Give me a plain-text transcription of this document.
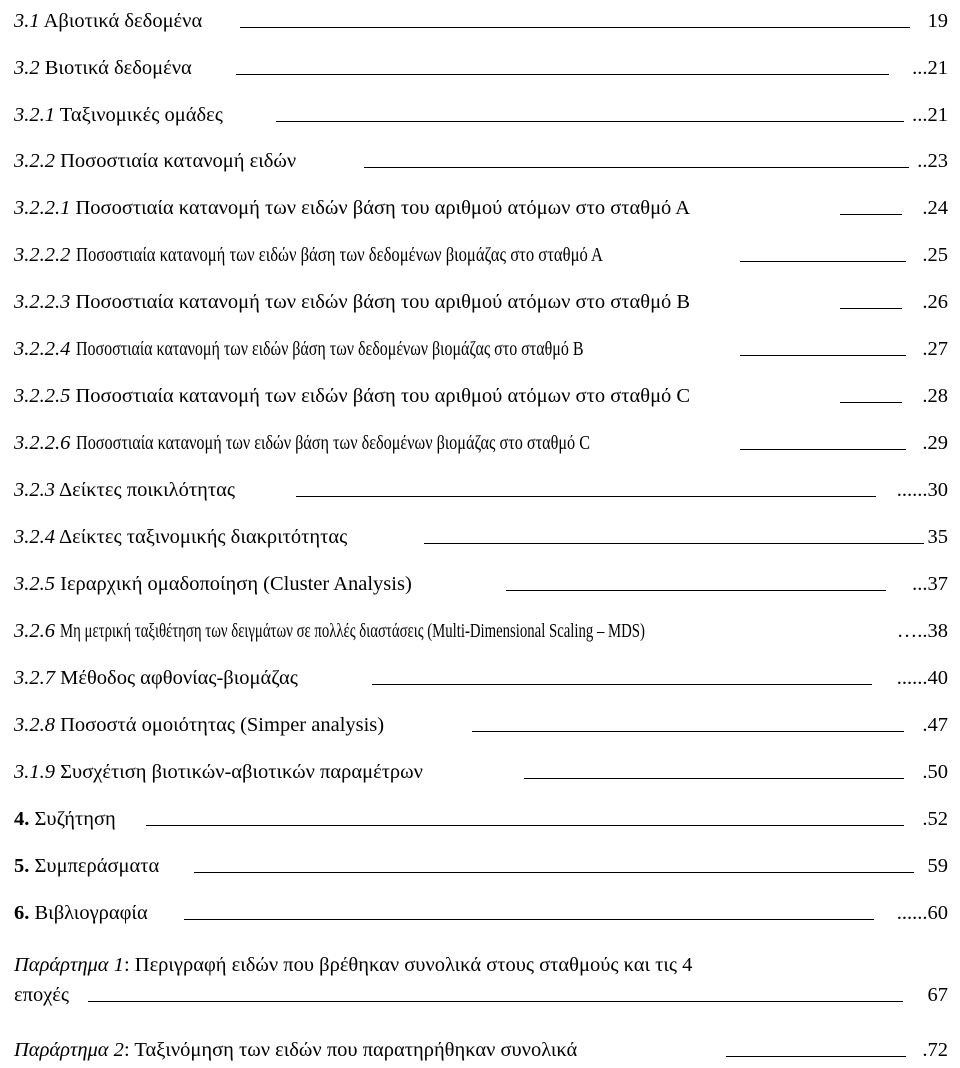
3.1 Αβιοτικά δεδομένα	19
3.2 Βιοτικά δεδομένα	...21
3.2.1 Ταξινομικές ομάδες	...21
3.2.2 Ποσοστιαία κατανομή ειδών	..23
3.2.2.1 Ποσοστιαία κατανομή των ειδών βάση του αριθμού ατόμων στο σταθμό Α	.24
3.2.2.2 Ποσοστιαία κατανομή των ειδών βάση των δεδομένων βιομάζας στο σταθμό Α	.25
3.2.2.3 Ποσοστιαία κατανομή των ειδών βάση του αριθμού ατόμων στο σταθμό Β	.26
3.2.2.4 Ποσοστιαία κατανομή των ειδών βάση των δεδομένων βιομάζας στο σταθμό Β	.27
3.2.2.5 Ποσοστιαία κατανομή των ειδών βάση του αριθμού ατόμων στο σταθμό C	.28
3.2.2.6 Ποσοστιαία κατανομή των ειδών βάση των δεδομένων βιομάζας στο σταθμό C	.29
3.2.3 Δείκτες ποικιλότητας	......30
3.2.4 Δείκτες ταξινομικής διακριτότητας	35
3.2.5 Ιεραρχική ομαδοποίηση (Cluster Analysis)	...37
3.2.6 Μη μετρική ταξιθέτηση των δειγμάτων σε πολλές διαστάσεις (Multi-Dimensional Scaling – MDS)	…..38
3.2.7 Μέθοδος αφθονίας-βιομάζας	......40
3.2.8 Ποσοστά ομοιότητας (Simper analysis)	.47
3.1.9 Συσχέτιση βιοτικών-αβιοτικών παραμέτρων	.50
4. Συζήτηση	.52
5. Συμπεράσματα	59
6. Βιβλιογραφία	......60
Παράρτημα 1: Περιγραφή ειδών που βρέθηκαν συνολικά στους σταθμούς και τις 4
εποχές	67
Παράρτημα 2: Ταξινόμηση των ειδών που παρατηρήθηκαν συνολικά	.72
